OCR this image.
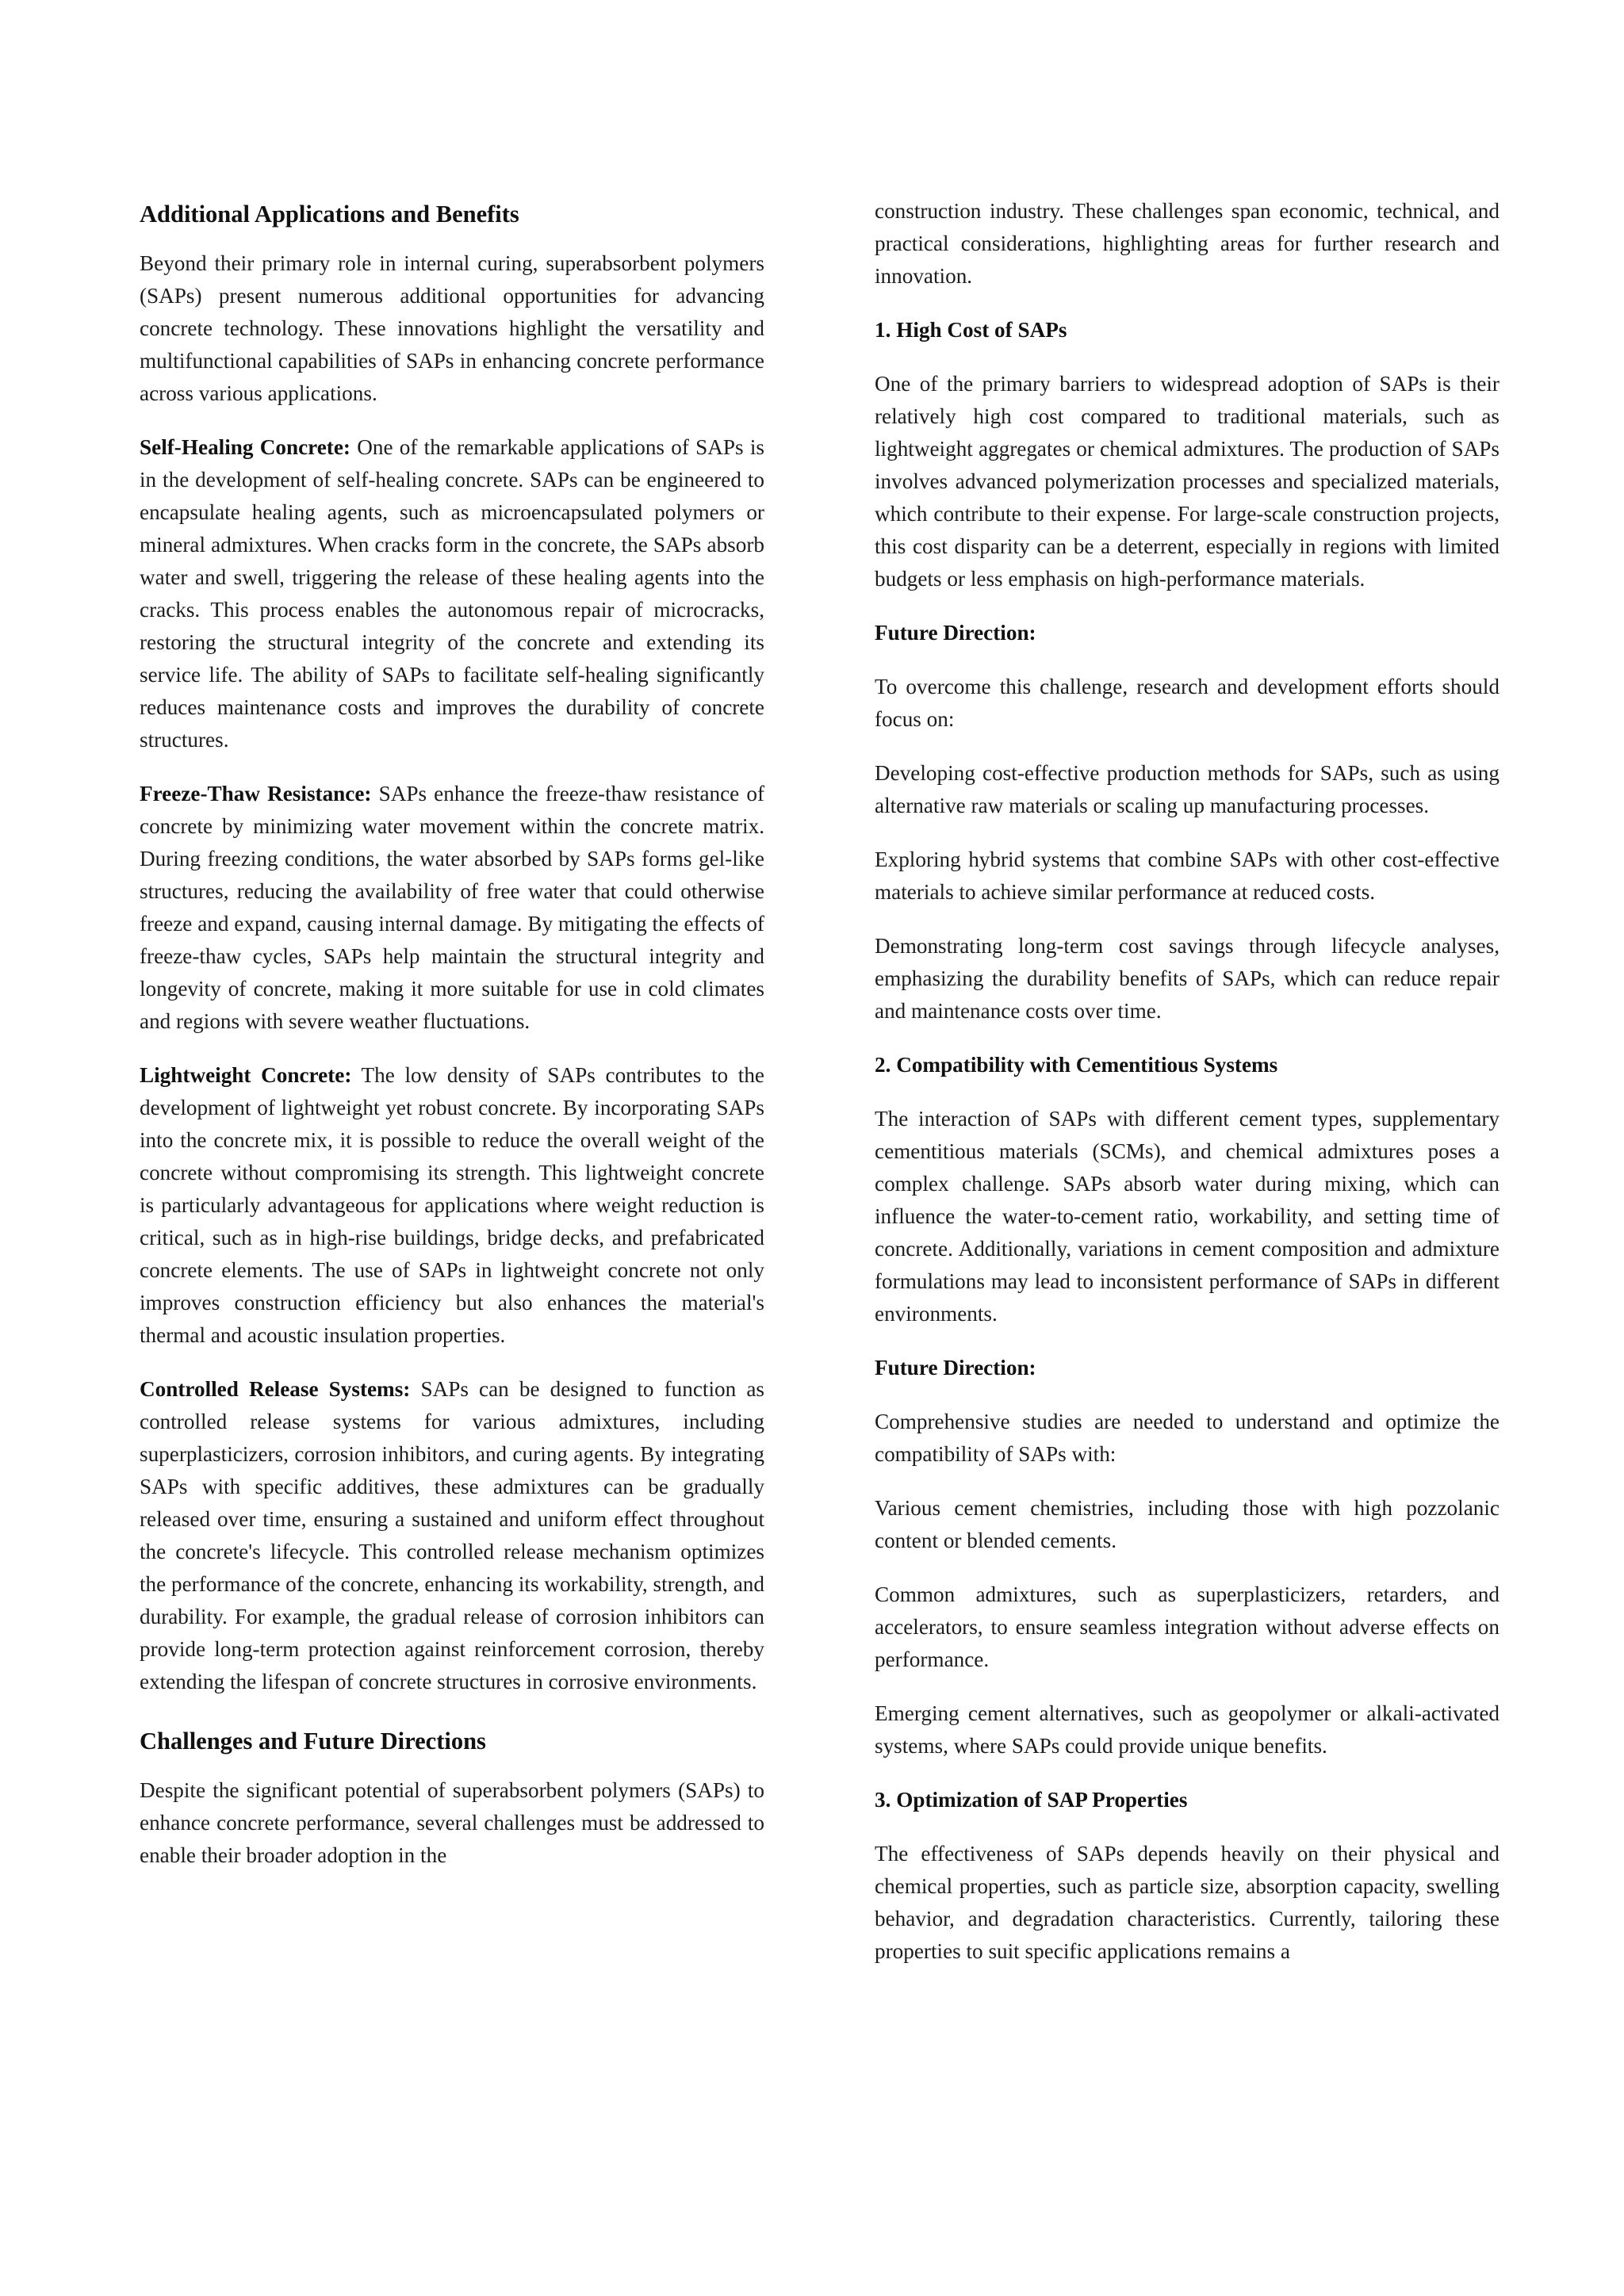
Additional Applications and Benefits

Beyond their primary role in internal curing, superabsorbent polymers (SAPs) present numerous additional opportunities for advancing concrete technology. These innovations highlight the versatility and multifunctional capabilities of SAPs in enhancing concrete performance across various applications.

Self-Healing Concrete: One of the remarkable applications of SAPs is in the development of self-healing concrete. SAPs can be engineered to encapsulate healing agents, such as microencapsulated polymers or mineral admixtures. When cracks form in the concrete, the SAPs absorb water and swell, triggering the release of these healing agents into the cracks. This process enables the autonomous repair of microcracks, restoring the structural integrity of the concrete and extending its service life. The ability of SAPs to facilitate self-healing significantly reduces maintenance costs and improves the durability of concrete structures.

Freeze-Thaw Resistance: SAPs enhance the freeze-thaw resistance of concrete by minimizing water movement within the concrete matrix. During freezing conditions, the water absorbed by SAPs forms gel-like structures, reducing the availability of free water that could otherwise freeze and expand, causing internal damage. By mitigating the effects of freeze-thaw cycles, SAPs help maintain the structural integrity and longevity of concrete, making it more suitable for use in cold climates and regions with severe weather fluctuations.

Lightweight Concrete: The low density of SAPs contributes to the development of lightweight yet robust concrete. By incorporating SAPs into the concrete mix, it is possible to reduce the overall weight of the concrete without compromising its strength. This lightweight concrete is particularly advantageous for applications where weight reduction is critical, such as in high-rise buildings, bridge decks, and prefabricated concrete elements. The use of SAPs in lightweight concrete not only improves construction efficiency but also enhances the material's thermal and acoustic insulation properties.

Controlled Release Systems: SAPs can be designed to function as controlled release systems for various admixtures, including superplasticizers, corrosion inhibitors, and curing agents. By integrating SAPs with specific additives, these admixtures can be gradually released over time, ensuring a sustained and uniform effect throughout the concrete's lifecycle. This controlled release mechanism optimizes the performance of the concrete, enhancing its workability, strength, and durability. For example, the gradual release of corrosion inhibitors can provide long-term protection against reinforcement corrosion, thereby extending the lifespan of concrete structures in corrosive environments.

Challenges and Future Directions

Despite the significant potential of superabsorbent polymers (SAPs) to enhance concrete performance, several challenges must be addressed to enable their broader adoption in the

construction industry. These challenges span economic, technical, and practical considerations, highlighting areas for further research and innovation.

1. High Cost of SAPs

One of the primary barriers to widespread adoption of SAPs is their relatively high cost compared to traditional materials, such as lightweight aggregates or chemical admixtures. The production of SAPs involves advanced polymerization processes and specialized materials, which contribute to their expense. For large-scale construction projects, this cost disparity can be a deterrent, especially in regions with limited budgets or less emphasis on high-performance materials.

Future Direction:

To overcome this challenge, research and development efforts should focus on:

Developing cost-effective production methods for SAPs, such as using alternative raw materials or scaling up manufacturing processes.

Exploring hybrid systems that combine SAPs with other cost-effective materials to achieve similar performance at reduced costs.

Demonstrating long-term cost savings through lifecycle analyses, emphasizing the durability benefits of SAPs, which can reduce repair and maintenance costs over time.

2. Compatibility with Cementitious Systems

The interaction of SAPs with different cement types, supplementary cementitious materials (SCMs), and chemical admixtures poses a complex challenge. SAPs absorb water during mixing, which can influence the water-to-cement ratio, workability, and setting time of concrete. Additionally, variations in cement composition and admixture formulations may lead to inconsistent performance of SAPs in different environments.

Future Direction:

Comprehensive studies are needed to understand and optimize the compatibility of SAPs with:

Various cement chemistries, including those with high pozzolanic content or blended cements.

Common admixtures, such as superplasticizers, retarders, and accelerators, to ensure seamless integration without adverse effects on performance.

Emerging cement alternatives, such as geopolymer or alkali-activated systems, where SAPs could provide unique benefits.

3. Optimization of SAP Properties

The effectiveness of SAPs depends heavily on their physical and chemical properties, such as particle size, absorption capacity, swelling behavior, and degradation characteristics. Currently, tailoring these properties to suit specific applications remains a
